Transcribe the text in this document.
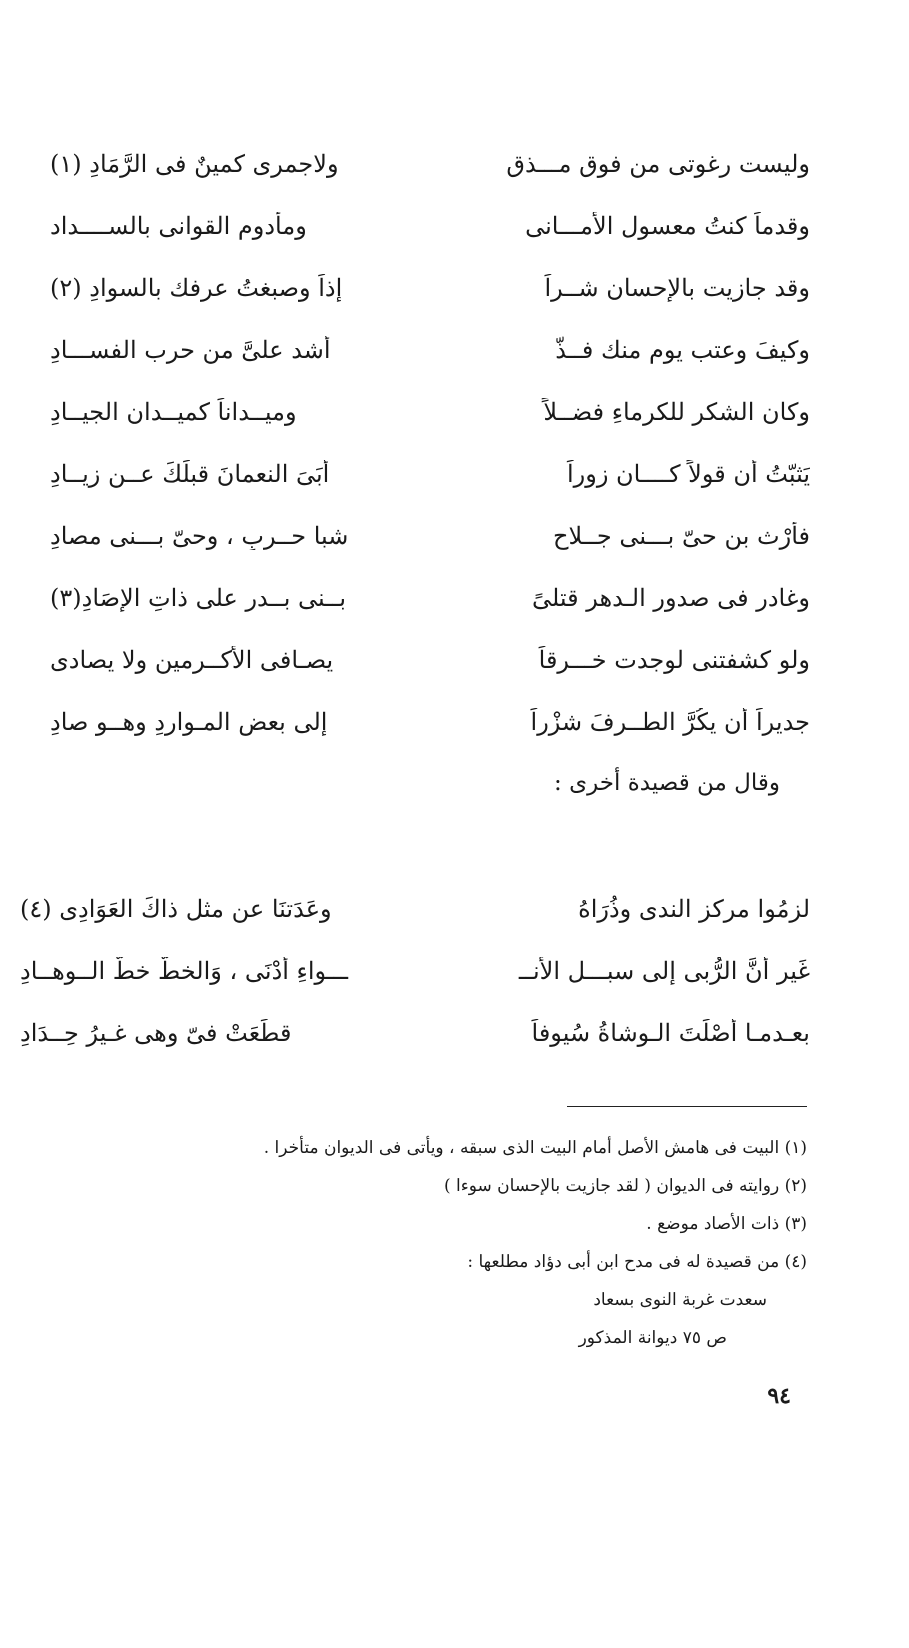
وليست رغوتى من فوق مـــذق
ولاجمرى كمينٌ فى الرَّمَادِ (١)
وقدماً كنتُ معسول الأَمـــانى
ومأدوم القوانى بالســــداد
وقد جازيت بالإحسانِ شــراً
إذاً وصبغتُ عرفك بالسوادِ (٢)
وكيفَ وعتب يومٍ منك فــذّ
أشد علىَّ من حرب الفســـادِ
وكان الشكر للكرماءِ فضــلاً
وميــداناً كميــدانِ الجيــادِ
يَثبّتُ أن قولاً كــــان زوراً
أبَىَ النعمانَ قبلَكَ عــن زيــادِ
فأَرْث بن حىّ بـــنى جــلاحٍ
شبا حــربٍ ، وحىّ بـــنى مصادِ
وغادر فى صدور الـدهر قتلىً
بــنى بــدرٍ على ذاتِ الإِصَادِ(٣)
ولو كشفتنى لوجدت خـــرقاً
يصـافى الأَكــرمين ولا يصادى
جديراً أن يكُرَّ الطــرفَ شزْراً
إلى بعض المـواردِ وهــو صادِ
وقال من قصيدة أخرى :
لزِمُوا مركز الندى وذُرَاهُ
وعَدَتنَا عن مثلِ ذاكَ العَوَادِى (٤)
غَير أنَّ الرُّبى إلى سبـــل الأَنــ
ـــواءِ أَدْنَى ، وَالخطُّ خطُّ الــوهــادِ
بعـدمـا أَصْلَتَ الـوشاةُ سُيوفاً
قطَعَتْ فىّ وهى غـيرُ حِــدَادِ
(١) البيت فى هامش الأصل أمام البيت الذى سبقه ، ويأتى فى الديوان متأخرا .
(٢) روايته فى الديوان ( لقد جازيت بالإحسان سوءا )
(٣) ذات الأصاد موضع .
(٤) من قصيدة له فى مدح ابن أبى دؤاد مطلعها :
سعدت غربة النوى بسعاد
ص ٧٥ ديوانة المذكور
٩٤
